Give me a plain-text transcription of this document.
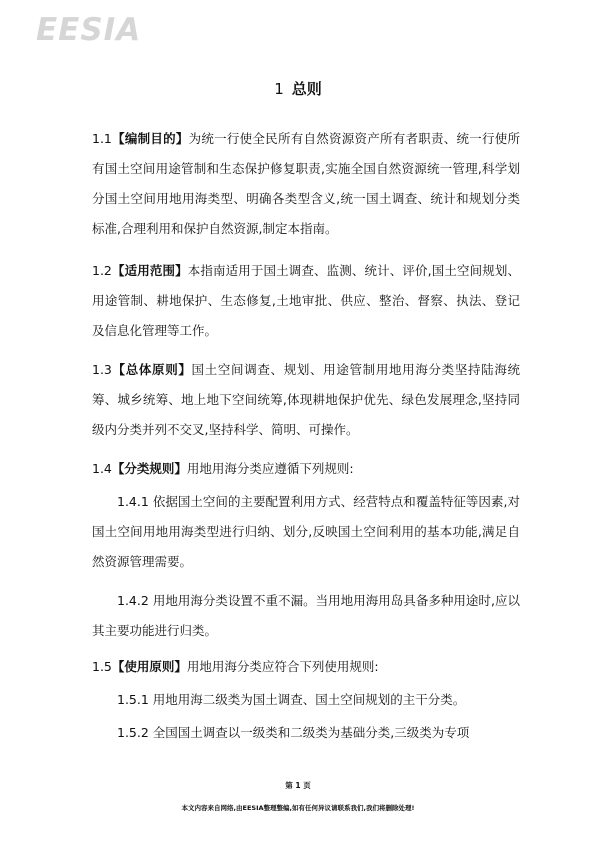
EESIA
1 总则
1.1【编制目的】为统一行使全民所有自然资源资产所有者职责、统一行使所有国土空间用途管制和生态保护修复职责,实施全国自然资源统一管理,科学划分国土空间用地用海类型、明确各类型含义,统一国土调查、统计和规划分类标准,合理利用和保护自然资源,制定本指南。
1.2【适用范围】本指南适用于国土调查、监测、统计、评价,国土空间规划、用途管制、耕地保护、生态修复,土地审批、供应、整治、督察、执法、登记及信息化管理等工作。
1.3【总体原则】国土空间调查、规划、用途管制用地用海分类坚持陆海统筹、城乡统筹、地上地下空间统筹,体现耕地保护优先、绿色发展理念,坚持同级内分类并列不交叉,坚持科学、简明、可操作。
1.4【分类规则】用地用海分类应遵循下列规则:
1.4.1 依据国土空间的主要配置利用方式、经营特点和覆盖特征等因素,对国土空间用地用海类型进行归纳、划分,反映国土空间利用的基本功能,满足自然资源管理需要。
1.4.2 用地用海分类设置不重不漏。当用地用海用岛具备多种用途时,应以其主要功能进行归类。
1.5【使用原则】用地用海分类应符合下列使用规则:
1.5.1 用地用海二级类为国土调查、国土空间规划的主干分类。
1.5.2 全国国土调查以一级类和二级类为基础分类,三级类为专项
第 1 页
本文内容来自网络,由EESIA整理整编,如有任何异议请联系我们,我们将删除处理!
